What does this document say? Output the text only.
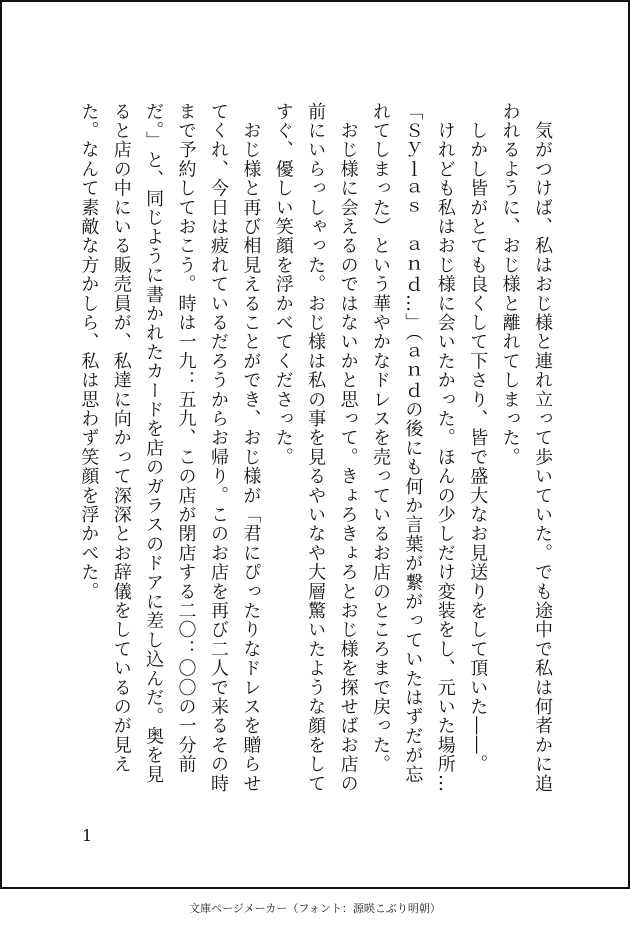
　気がつけば、私はおじ様と連れ立って歩いていた。でも途中で私は何者かに追われるように、おじ様と離れてしまった。

　しかし皆がとても良くして下さり、皆で盛大なお見送りをして頂いた――。

　けれども私はおじ様に会いたかった。ほんの少しだけ変装をし、元いた場所…「Ｓｙｌａｓ　ａｎｄ…」（ａｎｄの後にも何か言葉が繋がっていたはずだが忘れてしまった）という華やかなドレスを売っているお店のところまで戻った。

　おじ様に会えるのではないかと思って。きょろきょろとおじ様を探せばお店の前にいらっしゃった。おじ様は私の事を見るやいなや大層驚いたような顔をしてすぐ、優しい笑顔を浮かべてくださった。

　おじ様と再び相見えることができ、おじ様が「君にぴったりなドレスを贈らせてくれ、今日は疲れているだろうからお帰り。このお店を再び二人で来るその時まで予約しておこう。時は一九：五九、この店が閉店する二〇：〇〇の一分前だ。」と、同じように書かれたカードを店のガラスのドアに差し込んだ。奥を見ると店の中にいる販売員が、私達に向かって深深とお辞儀をしているのが見えた。なんて素敵な方かしら、私は思わず笑顔を浮かべた。

1
文庫ページメーカー（フォント：源暎こぶり明朝）
